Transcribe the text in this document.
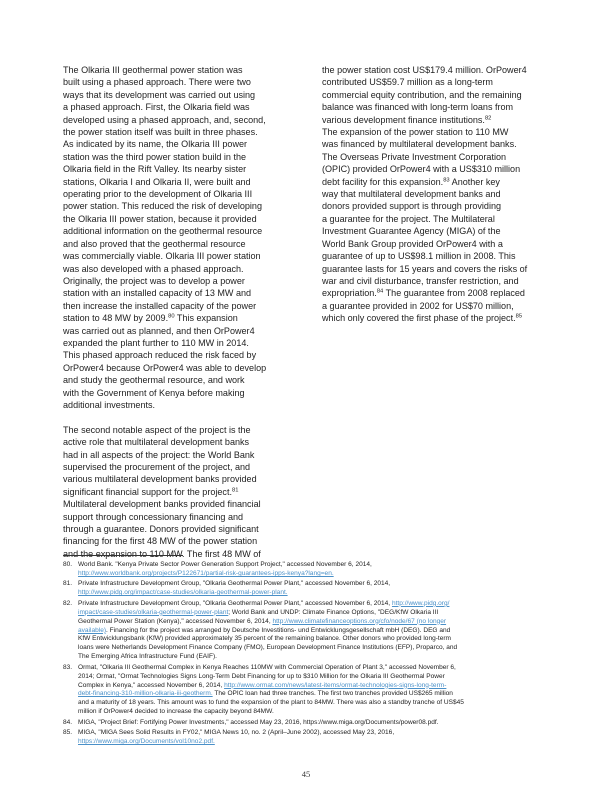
The Olkaria III geothermal power station was
built using a phased approach. There were two
ways that its development was carried out using
a phased approach. First, the Olkaria field was
developed using a phased approach, and, second,
the power station itself was built in three phases.
As indicated by its name, the Olkaria III power
station was the third power station build in the
Olkaria field in the Rift Valley. Its nearby sister
stations, Olkaria I and Olkaria II, were built and
operating prior to the development of Olkaria III
power station. This reduced the risk of developing
the Olkaria III power station, because it provided
additional information on the geothermal resource
and also proved that the geothermal resource
was commercially viable. Olkaria III power station
was also developed with a phased approach.
Originally, the project was to develop a power
station with an installed capacity of 13 MW and
then increase the installed capacity of the power
station to 48 MW by 2009.80 This expansion
was carried out as planned, and then OrPower4
expanded the plant further to 110 MW in 2014.
This phased approach reduced the risk faced by
OrPower4 because OrPower4 was able to develop
and study the geothermal resource, and work
with the Government of Kenya before making
additional investments.
The second notable aspect of the project is the
active role that multilateral development banks
had in all aspects of the project: the World Bank
supervised the procurement of the project, and
various multilateral development banks provided
significant financial support for the project.$^{81}$
Multilateral development banks provided financial
support through concessionary financing and
through a guarantee. Donors provided significant
financing for the first 48 MW of the power station
and the expansion to 110 MW. The first 48 MW of
the power station cost US$179.4 million. OrPower4
contributed US$59.7 million as a long-term
commercial equity contribution, and the remaining
balance was financed with long-term loans from
various development finance institutions.$^{82}$
The expansion of the power station to 110 MW
was financed by multilateral development banks.
The Overseas Private Investment Corporation
(OPIC) provided OrPower4 with a US$310 million
debt facility for this expansion.$^{83}$ Another key
way that multilateral development banks and
donors provided support is through providing
a guarantee for the project. The Multilateral
Investment Guarantee Agency (MIGA) of the
World Bank Group provided OrPower4 with a
guarantee of up to US$98.1 million in 2008. This
guarantee lasts for 15 years and covers the risks of
war and civil disturbance, transfer restriction, and
expropriation.$^{84}$ The guarantee from 2008 replaced
a guarantee provided in 2002 for US$70 million,
which only covered the first phase of the project.$^{85}$
80. World Bank. "Kenya Private Sector Power Generation Support Project," accessed November 6, 2014,
http://www.worldbank.org/projects/P122671/partial-risk-guarantees-ipps-kenya?lang=en.
81. Private Infrastructure Development Group, "Olkaria Geothermal Power Plant," accessed November 6, 2014,
http://www.pidg.org/impact/case-studies/olkaria-geothermal-power-plant.
82. Private Infrastructure Development Group, "Olkaria Geothermal Power Plant," accessed November 6, 2014, http://www.pidg.org/
impact/case-studies/olkaria-geothermal-power-plant; World Bank and UNDP: Climate Finance Options, "DEG/KfW Olkaria III
Geothermal Power Station (Kenya)," accessed November 6, 2014, http://www.climatefinanceoptions.org/cfo/node/67 (no longer
available). Financing for the project was arranged by Deutsche Investitions- und Entwicklungsgesellschaft mbH (DEG). DEG and
KfW Entwicklungsbank (KfW) provided approximately 35 percent of the remaining balance. Other donors who provided long-term
loans were Netherlands Development Finance Company (FMO), European Development Finance Institutions (EFP), Proparco, and
The Emerging Africa Infrastructure Fund (EAIF).
83. Ormat, "Olkaria III Geothermal Complex in Kenya Reaches 110MW with Commercial Operation of Plant 3," accessed November 6,
2014; Ormat, "Ormat Technologies Signs Long-Term Debt Financing for up to $310 Million for the Olkaria III Geothermal Power
Complex in Kenya," accessed November 6, 2014, http://www.ormat.com/news/latest-items/ormat-technologies-signs-long-term-
debt-financing-310-million-olkaria-iii-geotherm. The OPIC loan had three tranches. The first two tranches provided US$265 million
and a maturity of 18 years. This amount was to fund the expansion of the plant to 84MW. There was also a standby tranche of US$45
million if OrPower4 decided to increase the capacity beyond 84MW.
84. MIGA, "Project Brief: Fortifying Power Investments," accessed May 23, 2016, https://www.miga.org/Documents/power08.pdf.
85. MIGA, "MIGA Sees Solid Results in FY02," MIGA News 10, no. 2 (April–June 2002), accessed May 23, 2016,
https://www.miga.org/Documents/vol10no2.pdf.
45
